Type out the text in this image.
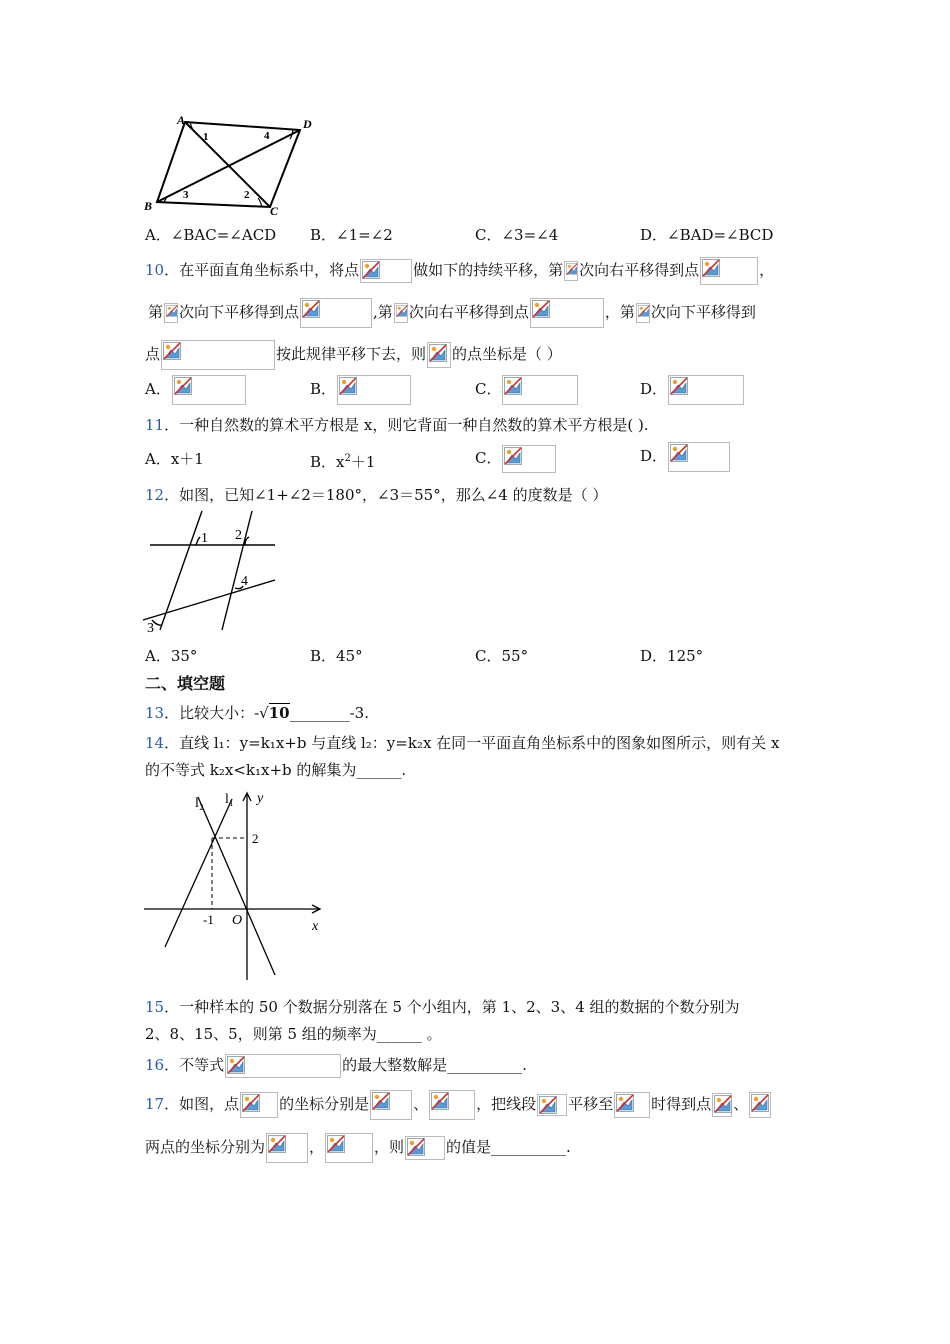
A	D
B	C
1	4
3	2
A．∠BAC=∠ACD B．∠1=∠2	C．∠3=∠4	D．∠BAD=∠BCD
10．在平面直角坐标系中，将点	做如下的持续平移，第 次向右平移得到点	，
第 次向下平移得到点	,第 次向右平移得到点	，第 次向下平移得到
点	按此规律平移下去，则 的点坐标是（ ）
A．	B．	C．	D．
11．一种自然数的算术平方根是 x，则它背面一种自然数的算术平方根是( ).
A．x＋1	B．$x^2+1$	C．	D．
12．如图，已知∠1+∠2＝180°，∠3＝55°，那么∠4 的度数是（ ）
1 2
3
4
A．35°	B．45°	C．55°	D．125°
二、填空题
13．比较大小：-√10________-3.
14．直线 l₁：y=k₁x+b 与直线 l₂：y=k₂x 在同一平面直角坐标系中的图象如图所示，则有关 x
的不等式 k₂x<k₁x+b 的解集为______.
l₂ l₁ y
x
2
-1 O
15．一种样本的 50 个数据分别落在 5 个小组内，第 1、2、3、4 组的数据的个数分别为
2、8、15、5，则第 5 组的频率为______ 。
16．不等式	的最大整数解是__________.
17．如图，点	的坐标分别是	、	，把线段 平移至	时得到点 、
两点的坐标分别为	，	，则	的值是__________.
